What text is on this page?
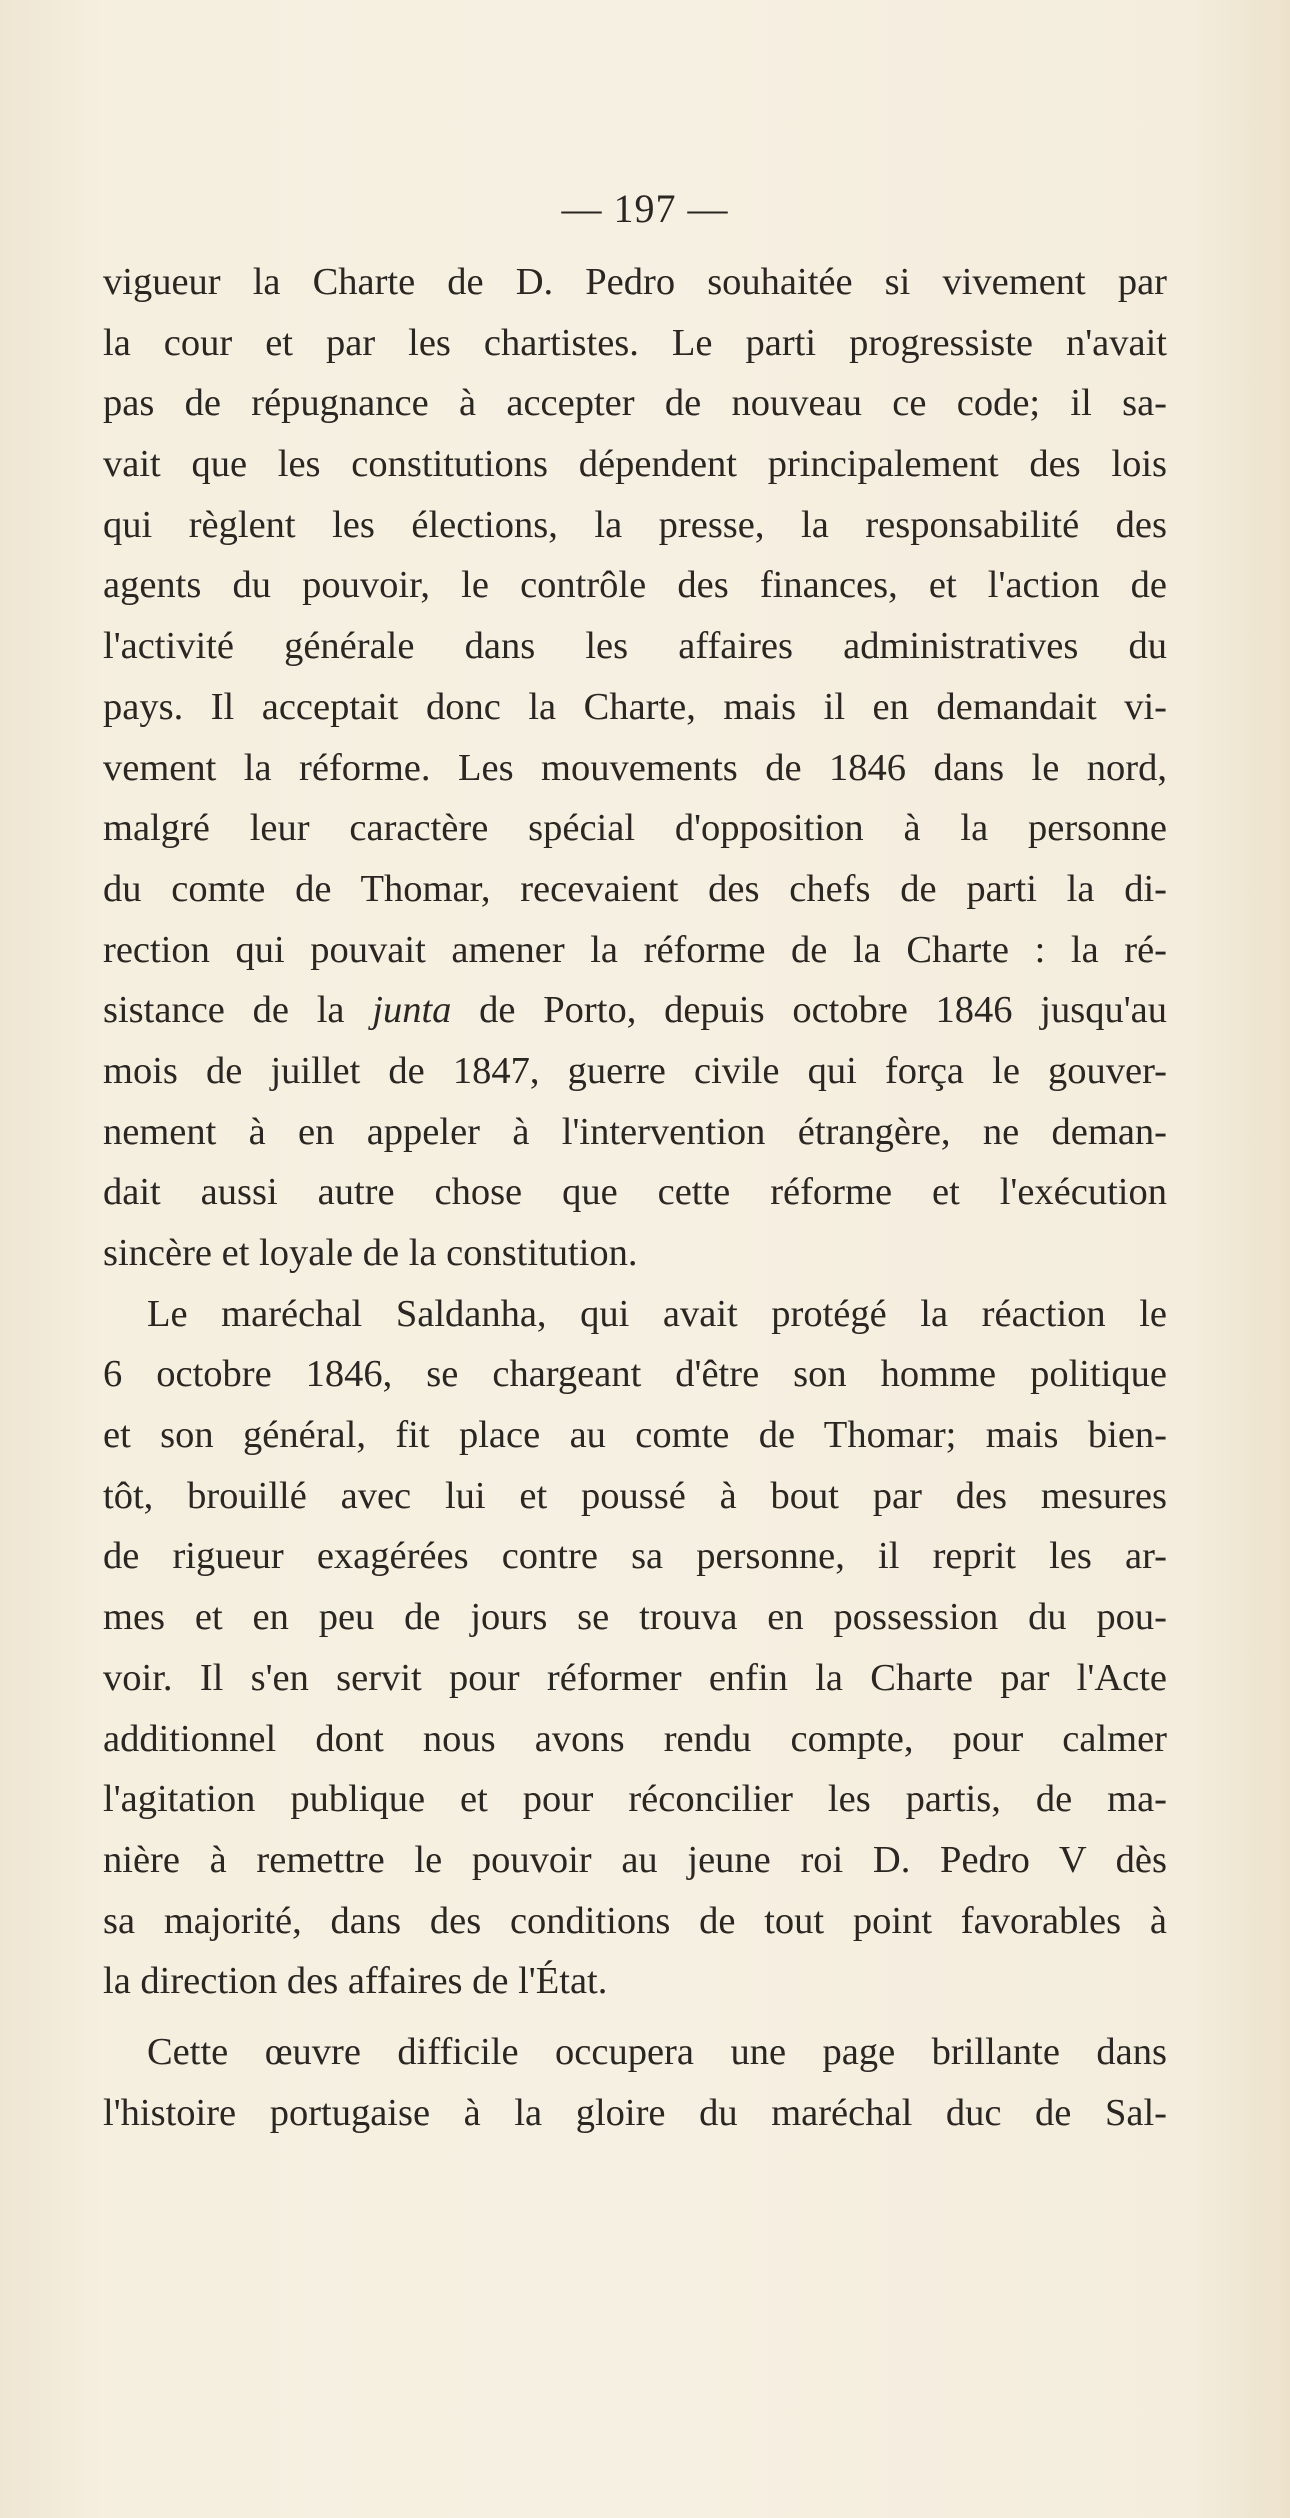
— 197 —
vigueur la Charte de D. Pedro souhaitée si vivement par
la cour et par les chartistes. Le parti progressiste n'avait
pas de répugnance à accepter de nouveau ce code; il sa-
vait que les constitutions dépendent principalement des lois
qui règlent les élections, la presse, la responsabilité des
agents du pouvoir, le contrôle des finances, et l'action de
l'activité générale dans les affaires administratives du
pays. Il acceptait donc la Charte, mais il en demandait vi-
vement la réforme. Les mouvements de 1846 dans le nord,
malgré leur caractère spécial d'opposition à la personne
du comte de Thomar, recevaient des chefs de parti la di-
rection qui pouvait amener la réforme de la Charte : la ré-
sistance de la junta de Porto, depuis octobre 1846 jusqu'au
mois de juillet de 1847, guerre civile qui força le gouver-
nement à en appeler à l'intervention étrangère, ne deman-
dait aussi autre chose que cette réforme et l'exécution
sincère et loyale de la constitution.
Le maréchal Saldanha, qui avait protégé la réaction le
6 octobre 1846, se chargeant d'être son homme politique
et son général, fit place au comte de Thomar; mais bien-
tôt, brouillé avec lui et poussé à bout par des mesures
de rigueur exagérées contre sa personne, il reprit les ar-
mes et en peu de jours se trouva en possession du pou-
voir. Il s'en servit pour réformer enfin la Charte par l'Acte
additionnel dont nous avons rendu compte, pour calmer
l'agitation publique et pour réconcilier les partis, de ma-
nière à remettre le pouvoir au jeune roi D. Pedro V dès
sa majorité, dans des conditions de tout point favorables à
la direction des affaires de l'État.
Cette œuvre difficile occupera une page brillante dans
l'histoire portugaise à la gloire du maréchal duc de Sal-
